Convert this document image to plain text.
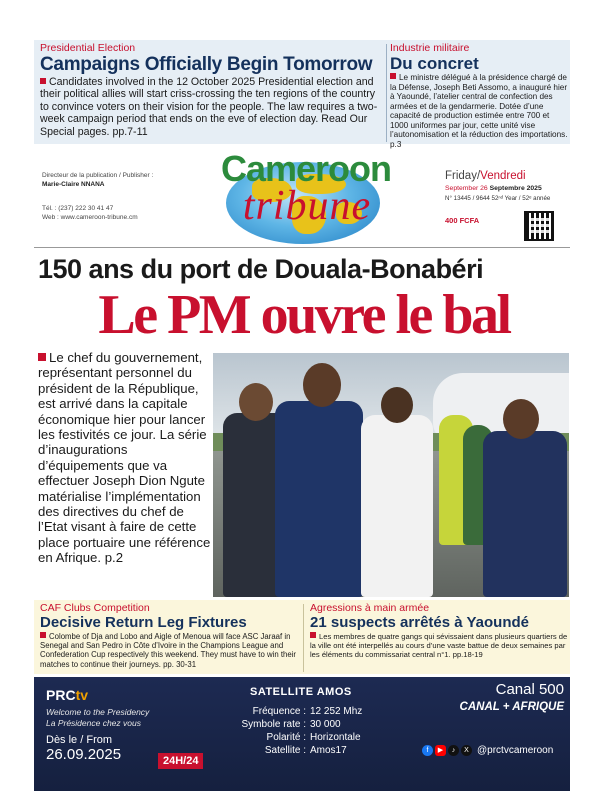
Presidential Election
Campaigns Officially Begin Tomorrow
Candidates involved in the 12 October 2025 Presidential election and their political allies will start criss-crossing the ten regions of the country to convince voters on their vision for the people. The law requires a two-week campaign period that ends on the eve of election day. Read Our Special pages. pp.7-11
Industrie militaire
Du concret
Le ministre délégué à la présidence chargé de la Défense, Joseph Beti Assomo, a inauguré hier à Yaoundé, l’atelier central de confection des armées et de la gendarmerie. Dotée d’une capacité de production estimée entre 700 et 1000 uniformes par jour, cette unité vise l’autonomisation et la réduction des importations. p.3
Directeur de la publication / Publisher :
Marie-Claire NNANA
Tél. : (237) 222 30 41 47
Web : www.cameroon-tribune.cm
Cameroon
tribune
Friday/Vendredi
September 26 Septembre 2025
N° 13445 / 9644 52ⁿᵈ Year / 52ᵉ année
400 FCFA
150 ans du port de Douala-Bonabéri
Le PM ouvre le bal
Le chef du gouvernement, représentant personnel du président de la République, est arrivé dans la capitale économique hier pour lancer les festivités ce jour. La série d’inaugurations d’équipements que va effectuer Joseph Dion Ngute matérialise l’implémentation des directives du chef de l’Etat visant à faire de cette place portuaire une référence en Afrique. p.2
CAF Clubs Competition
Decisive Return Leg Fixtures
Colombe of Dja and Lobo and Aigle of Menoua will face ASC Jaraaf in Senegal and San Pedro in Côte d’Ivoire in the Champions League and Confederation Cup respectively this weekend. They must have to win their matches to continue their journeys. pp. 30-31
Agressions à main armée
21 suspects arrêtés à Yaoundé
Les membres de quatre gangs qui sévissaient dans plusieurs quartiers de la ville ont été interpellés au cours d’une vaste battue de deux semaines par les éléments du commissariat central n°1. pp.18-19
PRCtv
Welcome to the Presidency
La Présidence chez vous
Dès le / From
26.09.2025	24H/24
SATELLITE AMOS
Fréquence : 12 252 Mhz
Symbole rate : 30 000
Polarité : Horizontale
Satellite : Amos17
Canal 500
CANAL + AFRIQUE
f	▶	♪	X @prctvcameroon
